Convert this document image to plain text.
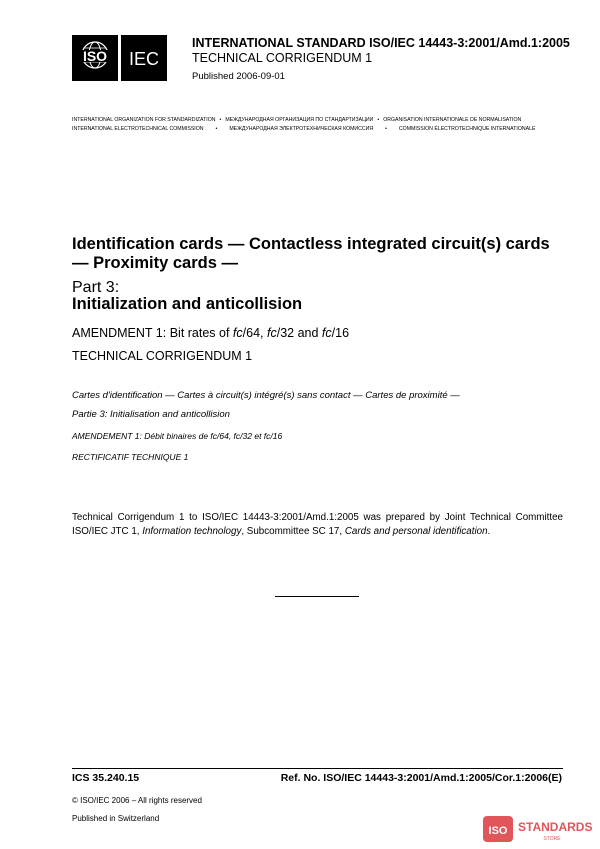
ISO IEC
INTERNATIONAL STANDARD ISO/IEC 14443-3:2001/Amd.1:2005
TECHNICAL CORRIGENDUM 1
Published 2006-09-01
INTERNATIONAL ORGANIZATION FOR STANDARDIZATION • МЕЖДУНАРОДНАЯ ОРГАНИЗАЦИЯ ПО СТАНДАРТИЗАЦИИ • ORGANISATION INTERNATIONALE DE NORMALISATION
INTERNATIONAL ELECTROTECHNICAL COMMISSION • МЕЖДУНАРОДНАЯ ЭЛЕКТРОТЕХНИЧЕСКАЯ КОМИССИЯ • COMMISSION ÉLECTROTECHNIQUE INTERNATIONALE
Identification cards — Contactless integrated circuit(s) cards — Proximity cards —
Part 3:
Initialization and anticollision
AMENDMENT 1: Bit rates of fc/64, fc/32 and fc/16
TECHNICAL CORRIGENDUM 1
Cartes d'identification — Cartes à circuit(s) intégré(s) sans contact — Cartes de proximité —
Partie 3: Initialisation and anticollision
AMENDEMENT 1: Débit binaires de fc/64, fc/32 et fc/16
RECTIFICATIF TECHNIQUE 1
Technical Corrigendum 1 to ISO/IEC 14443-3:2001/Amd.1:2005 was prepared by Joint Technical Committee ISO/IEC JTC 1, Information technology, Subcommittee SC 17, Cards and personal identification.
ICS 35.240.15	Ref. No. ISO/IEC 14443-3:2001/Amd.1:2005/Cor.1:2006(E)
© ISO/IEC 2006 – All rights reserved
Published in Switzerland
ISO STANDARDS
STORE
